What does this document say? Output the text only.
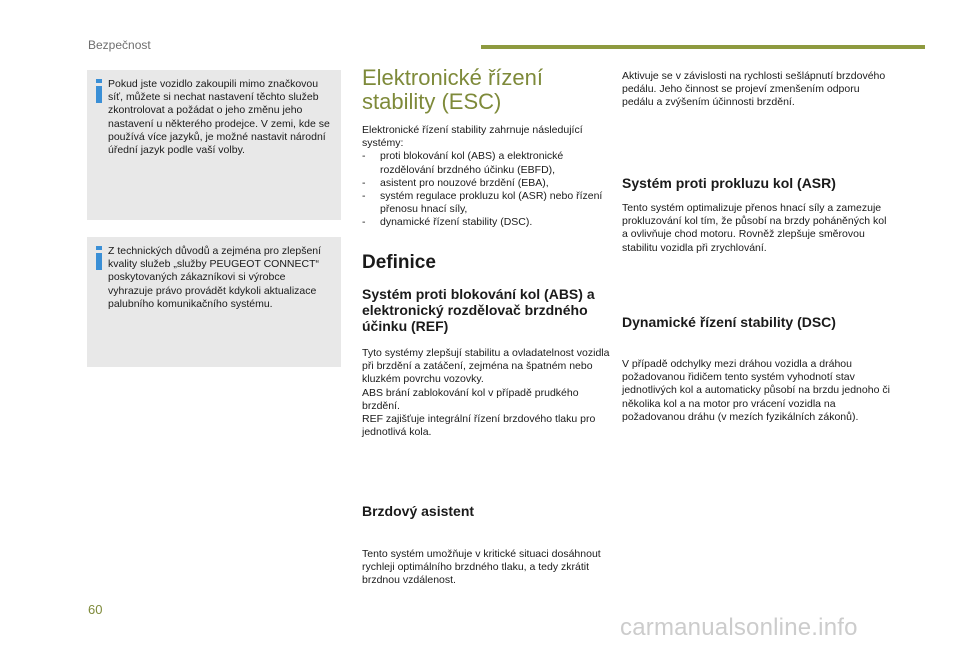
Bezpečnost

Pokud jste vozidlo zakoupili mimo značkovou síť, můžete si nechat nastavení těchto služeb zkontrolovat a požádat o jeho změnu jeho nastavení u některého prodejce. V zemi, kde se používá více jazyků, je možné nastavit národní úřední jazyk podle vaší volby.

Z technických důvodů a zejména pro zlepšení kvality služeb „služby PEUGEOT CONNECT“ poskytovaných zákazníkovi si výrobce vyhrazuje právo provádět kdykoli aktualizace palubního komunikačního systému.

Elektronické řízení
stability (ESC)

Elektronické řízení stability zahrnuje následující systémy:

- proti blokování kol (ABS) a elektronické rozdělování brzdného účinku (EBFD),
- asistent pro nouzové brzdění (EBA),
- systém regulace prokluzu kol (ASR) nebo řízení přenosu hnací síly,
- dynamické řízení stability (DSC).
Definice
Systém proti blokování kol (ABS) a elektronický rozdělovač brzdného účinku (REF)

Tyto systémy zlepšují stabilitu a ovladatelnost vozidla při brzdění a zatáčení, zejména na špatném nebo kluzkém povrchu vozovky.

ABS brání zablokování kol v případě prudkého brzdění.

REF zajišťuje integrální řízení brzdového tlaku pro jednotlivá kola.

Brzdový asistent

Tento systém umožňuje v kritické situaci dosáhnout rychleji optimálního brzdného tlaku, a tedy zkrátit brzdnou vzdálenost.

Aktivuje se v závislosti na rychlosti sešlápnutí brzdového pedálu. Jeho činnost se projeví zmenšením odporu pedálu a zvýšením účinnosti brzdění.

Systém proti prokluzu kol (ASR)

Tento systém optimalizuje přenos hnací síly a zamezuje prokluzování kol tím, že působí na brzdy poháněných kol a ovlivňuje chod motoru. Rovněž zlepšuje směrovou stabilitu vozidla při zrychlování.

Dynamické řízení stability (DSC)

V případě odchylky mezi dráhou vozidla a dráhou požadovanou řidičem tento systém vyhodnotí stav jednotlivých kol a automaticky působí na brzdu jednoho či několika kol a na motor pro vrácení vozidla na požadovanou dráhu (v mezích fyzikálních zákonů).

60
carmanualsonline.info
